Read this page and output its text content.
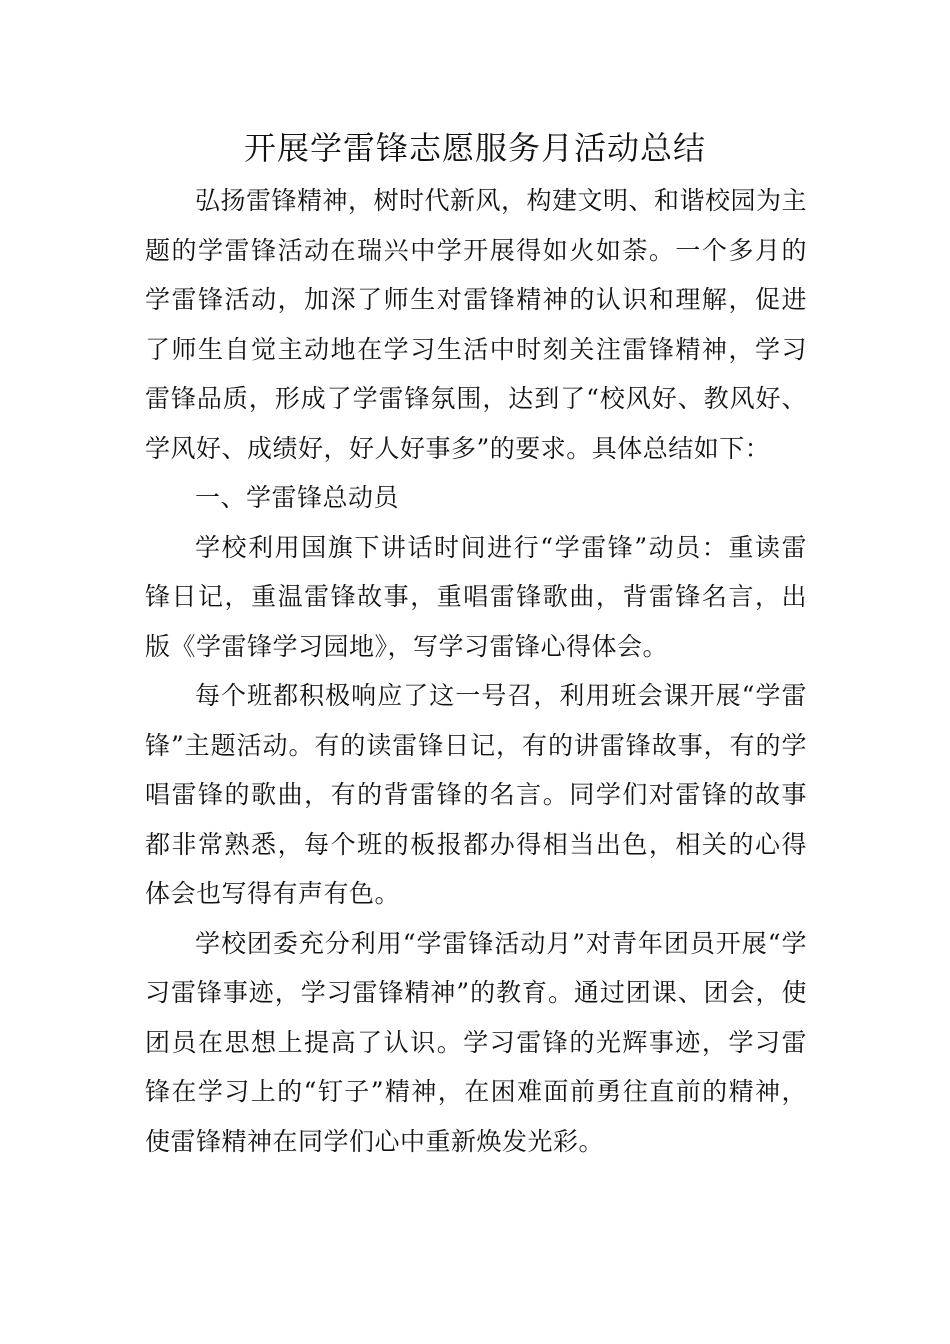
开展学雷锋志愿服务月活动总结

弘扬雷锋精神，树时代新风，构建文明、和谐校园为主题的学雷锋活动在瑞兴中学开展得如火如荼。一个多月的学雷锋活动，加深了师生对雷锋精神的认识和理解，促进了师生自觉主动地在学习生活中时刻关注雷锋精神，学习雷锋品质，形成了学雷锋氛围，达到了“校风好、教风好、学风好、成绩好，好人好事多”的要求。具体总结如下：

一、学雷锋总动员

学校利用国旗下讲话时间进行“学雷锋”动员：重读雷锋日记，重温雷锋故事，重唱雷锋歌曲，背雷锋名言，出版《学雷锋学习园地》，写学习雷锋心得体会。

每个班都积极响应了这一号召，利用班会课开展“学雷锋”主题活动。有的读雷锋日记，有的讲雷锋故事，有的学唱雷锋的歌曲，有的背雷锋的名言。同学们对雷锋的故事都非常熟悉，每个班的板报都办得相当出色，相关的心得体会也写得有声有色。

学校团委充分利用“学雷锋活动月”对青年团员开展“学习雷锋事迹，学习雷锋精神”的教育。通过团课、团会，使团员在思想上提高了认识。学习雷锋的光辉事迹，学习雷锋在学习上的“钉子”精神，在困难面前勇往直前的精神，使雷锋精神在同学们心中重新焕发光彩。
